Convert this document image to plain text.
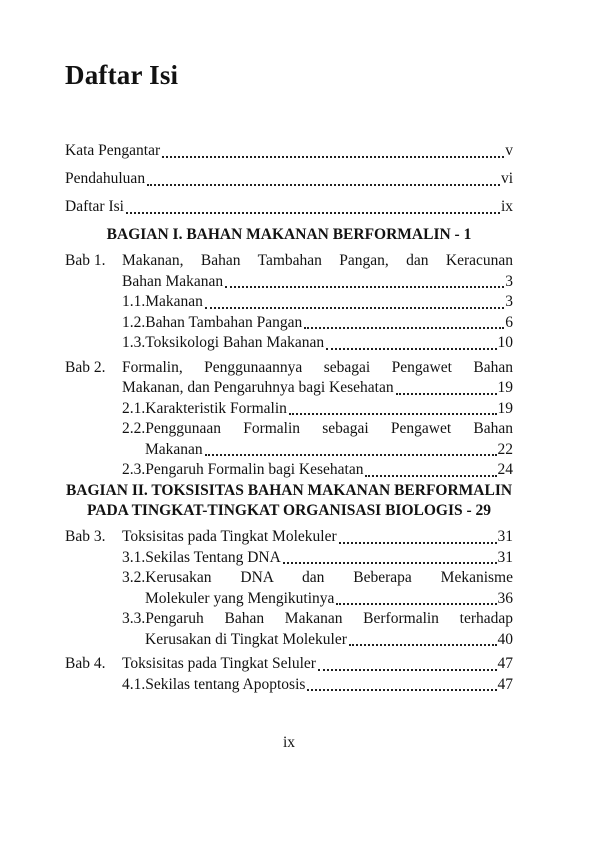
Daftar Isi
Kata Pengantar	v
Pendahuluan	vi
Daftar Isi	ix
BAGIAN I. BAHAN MAKANAN BERFORMALIN - 1
Bab 1.	Makanan, Bahan Tambahan Pangan, dan Keracunan
Bahan Makanan	3
1.1. Makanan	3
1.2. Bahan Tambahan Pangan	6
1.3. Toksikologi Bahan Makanan	10
Bab 2.	Formalin, Penggunaannya sebagai Pengawet Bahan
Makanan, dan Pengaruhnya bagi Kesehatan	19
2.1. Karakteristik Formalin	19
2.2. Penggunaan Formalin sebagai Pengawet Bahan
Makanan	22
2.3. Pengaruh Formalin bagi Kesehatan	24
BAGIAN II. TOKSISITAS BAHAN MAKANAN BERFORMALIN
PADA TINGKAT-TINGKAT ORGANISASI BIOLOGIS - 29
Bab 3.	Toksisitas pada Tingkat Molekuler	31
3.1. Sekilas Tentang DNA	31
3.2. Kerusakan DNA dan Beberapa Mekanisme
Molekuler yang Mengikutinya	36
3.3. Pengaruh Bahan Makanan Berformalin terhadap
Kerusakan di Tingkat Molekuler	40
Bab 4.	Toksisitas pada Tingkat Seluler	47
4.1. Sekilas tentang Apoptosis	47
ix
